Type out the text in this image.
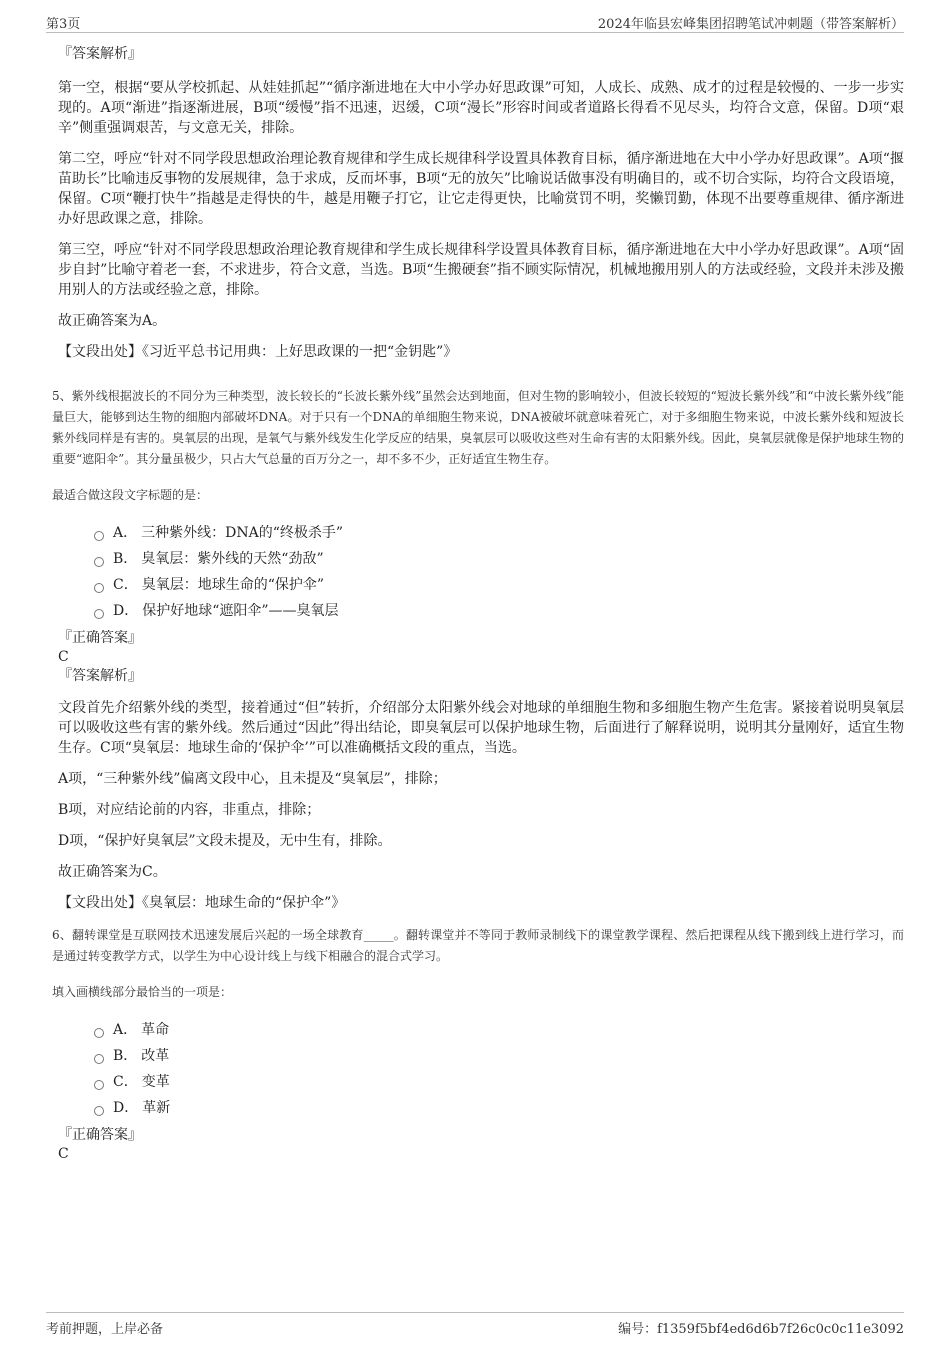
第3页	2024年临县宏峰集团招聘笔试冲刺题（带答案解析）
『答案解析』

第一空，根据“要从学校抓起、从娃娃抓起”“循序渐进地在大中小学办好思政课”可知，人成长、成熟、成才的过程是较慢的、一步一步实现的。A项“渐进”指逐渐进展，B项“缓慢”指不迅速，迟缓，C项“漫长”形容时间或者道路长得看不见尽头，均符合文意，保留。D项“艰辛”侧重强调艰苦，与文意无关，排除。

第二空，呼应“针对不同学段思想政治理论教育规律和学生成长规律科学设置具体教育目标，循序渐进地在大中小学办好思政课”。A项“揠苗助长”比喻违反事物的发展规律，急于求成，反而坏事，B项“无的放矢”比喻说话做事没有明确目的，或不切合实际，均符合文段语境，保留。C项“鞭打快牛”指越是走得快的牛，越是用鞭子打它，让它走得更快，比喻赏罚不明，奖懒罚勤，体现不出要尊重规律、循序渐进办好思政课之意，排除。

第三空，呼应“针对不同学段思想政治理论教育规律和学生成长规律科学设置具体教育目标，循序渐进地在大中小学办好思政课”。A项“固步自封”比喻守着老一套，不求进步，符合文意，当选。B项“生搬硬套”指不顾实际情况，机械地搬用别人的方法或经验，文段并未涉及搬用别人的方法或经验之意，排除。

故正确答案为A。

【文段出处】《习近平总书记用典：上好思政课的一把“金钥匙”》
5、紫外线根据波长的不同分为三种类型，波长较长的“长波长紫外线”虽然会达到地面，但对生物的影响较小，但波长较短的“短波长紫外线”和“中波长紫外线”能量巨大，能够到达生物的细胞内部破坏DNA。对于只有一个DNA的单细胞生物来说，DNA被破坏就意味着死亡，对于多细胞生物来说，中波长紫外线和短波长紫外线同样是有害的。臭氧层的出现，是氧气与紫外线发生化学反应的结果，臭氧层可以吸收这些对生命有害的太阳紫外线。因此，臭氧层就像是保护地球生物的重要“遮阳伞”。其分量虽极少，只占大气总量的百万分之一，却不多不少，正好适宜生物生存。
最适合做这段文字标题的是：
A． 三种紫外线：DNA的“终极杀手”
B． 臭氧层：紫外线的天然“劲敌”
C． 臭氧层：地球生命的“保护伞”
D． 保护好地球“遮阳伞”——臭氧层
『正确答案』
C
『答案解析』

文段首先介绍紫外线的类型，接着通过“但”转折，介绍部分太阳紫外线会对地球的单细胞生物和多细胞生物产生危害。紧接着说明臭氧层可以吸收这些有害的紫外线。然后通过“因此”得出结论，即臭氧层可以保护地球生物，后面进行了解释说明，说明其分量刚好，适宜生物生存。C项“臭氧层：地球生命的‘保护伞’”可以准确概括文段的重点，当选。

A项，“三种紫外线”偏离文段中心，且未提及“臭氧层”，排除；

B项，对应结论前的内容，非重点，排除；

D项，“保护好臭氧层”文段未提及，无中生有，排除。

故正确答案为C。

【文段出处】《臭氧层：地球生命的“保护伞”》
6、翻转课堂是互联网技术迅速发展后兴起的一场全球教育_____。翻转课堂并不等同于教师录制线下的课堂教学课程、然后把课程从线下搬到线上进行学习，而是通过转变教学方式，以学生为中心设计线上与线下相融合的混合式学习。
填入画横线部分最恰当的一项是：
A． 革命
B． 改革
C． 变革
D． 革新
『正确答案』
C
考前押题，上岸必备	编号：f1359f5bf4ed6d6b7f26c0c0c11e3092
